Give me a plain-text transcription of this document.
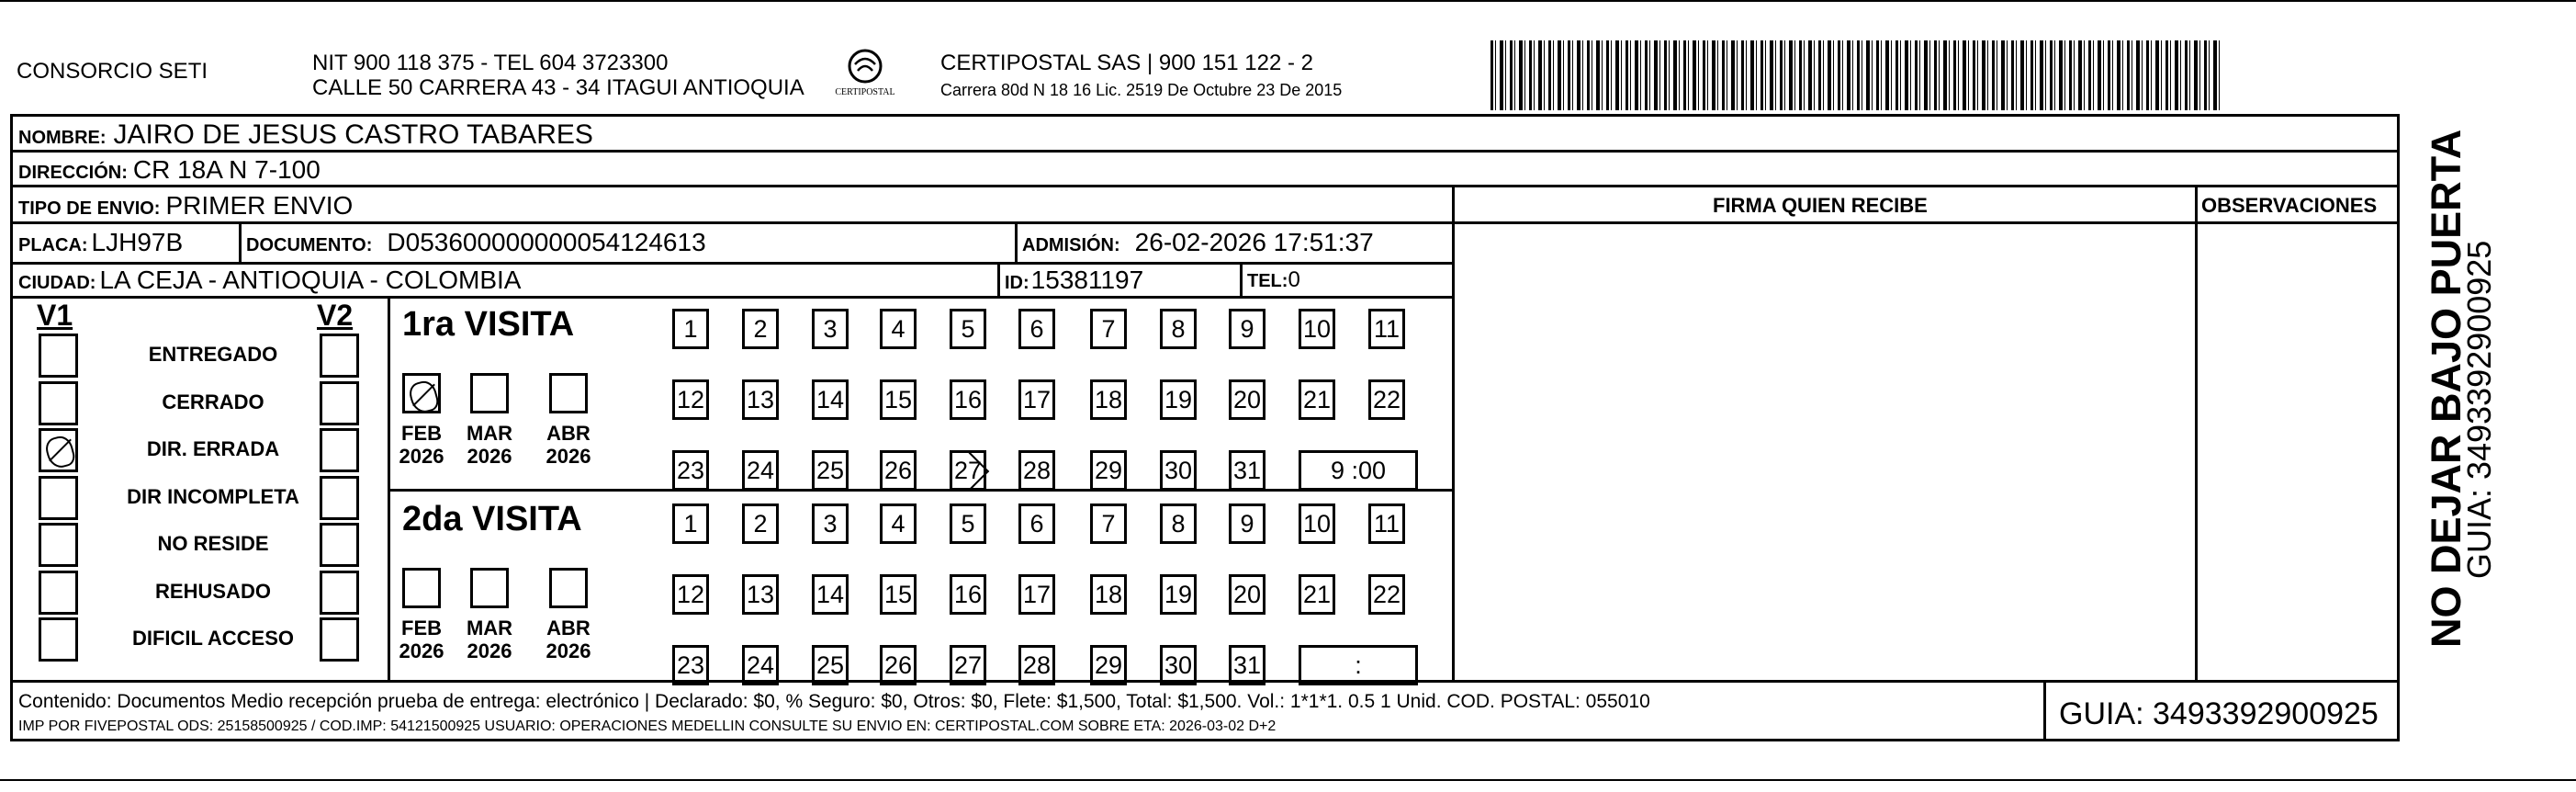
CONSORCIO SETI	NIT 900 118 375 - TEL 604 3723300
CALLE 50 CARRERA 43 - 34 ITAGUI ANTIOQUIA	CERTIPOSTAL
CERTIPOSTAL SAS | 900 151 122 - 2
Carrera 80d N 18 16 Lic. 2519 De Octubre 23 De 2015
NOMBRE: JAIRO DE JESUS CASTRO TABARES
DIRECCIÓN: CR 18A N 7-100
TIPO DE ENVIO: PRIMER ENVIO
PLACA: LJH97B	DOCUMENTO: D053600000000054124613	ADMISIÓN: 26-02-2026 17:51:37
CIUDAD: LA CEJA - ANTIOQUIA - COLOMBIA	ID:15381197	TEL:0
FIRMA QUIEN RECIBE	OBSERVACIONES
V1	V2
ENTREGADO
CERRADO
DIR. ERRADA
DIR INCOMPLETA
NO RESIDE
REHUSADO
DIFICIL ACCESO
1ra VISITA
2da VISITA
FEB
2026
MAR
2026
ABR
2026
1 2 3 4 5 6 7 8 9 10 11
12 13 14 15 16 17 18 19 20 21 22
23 24 25 26 27 28 29 30 31	9 :00
FEB
2026
MAR
2026
ABR
2026
1 2 3 4 5 6 7 8 9 10 11
12 13 14 15 16 17 18 19 20 21 22
23 24 25 26 27 28 29 30 31	:
Contenido: Documentos Medio recepción prueba de entrega: electrónico | Declarado: $0, % Seguro: $0, Otros: $0, Flete: $1,500, Total: $1,500. Vol.: 1*1*1. 0.5 1 Unid. COD. POSTAL: 055010
IMP POR FIVEPOSTAL ODS: 25158500925 / COD.IMP: 54121500925 USUARIO: OPERACIONES MEDELLIN CONSULTE SU ENVIO EN: CERTIPOSTAL.COM SOBRE ETA: 2026-03-02 D+2	GUIA: 3493392900925
NO DEJAR BAJO PUERTA
GUIA: 3493392900925
